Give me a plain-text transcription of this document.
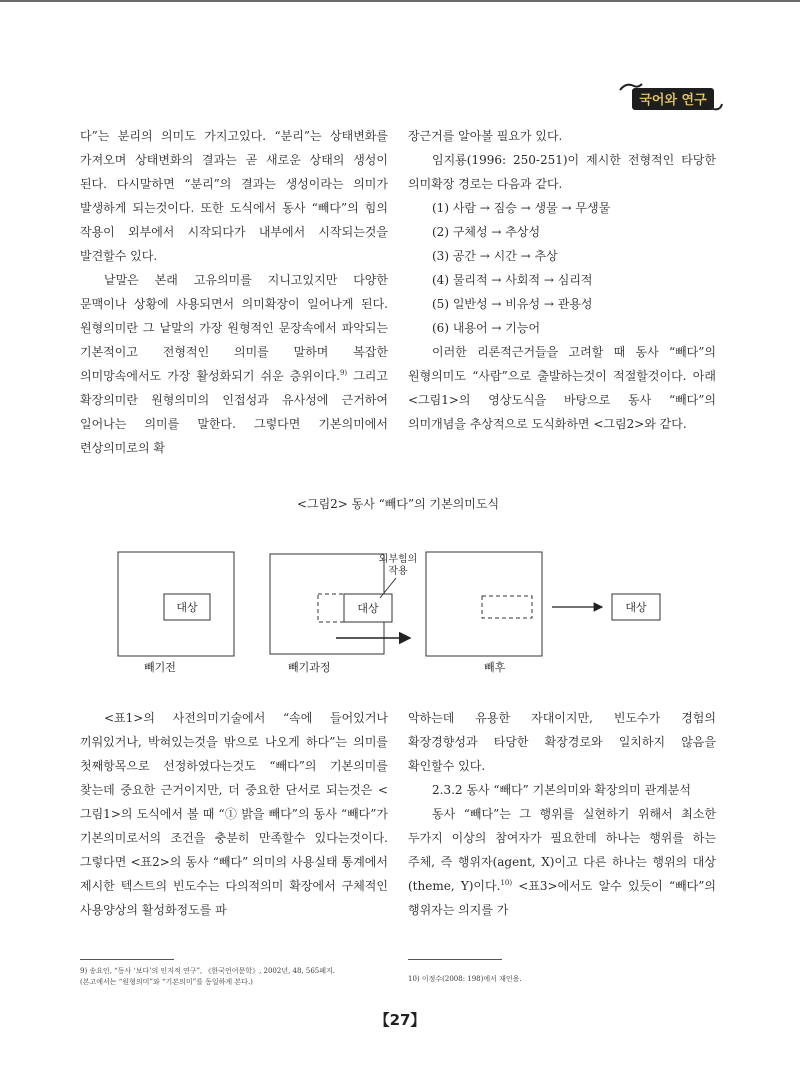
국어와 연구

다”는 분리의 의미도 가지고있다. “분리”는 상태변화를 가져오며 상태변화의 결과는 곧 새로운 상태의 생성이 된다. 다시말하면 “분리”의 결과는 생성이라는 의미가 발생하게 되는것이다. 또한 도식에서 동사 “빼다”의 힘의 작용이 외부에서 시작되다가 내부에서 시작되는것을 발견할수 있다.

낱말은 본래 고유의미를 지니고있지만 다양한 문맥이나 상황에 사용되면서 의미확장이 일어나게 된다. 원형의미란 그 낱말의 가장 원형적인 문장속에서 파악되는 기본적이고 전형적인 의미를 말하며 복잡한 의미망속에서도 가장 활성화되기 쉬운 층위이다.$^{9)}$ 그리고 확장의미란 원형의미의 인접성과 유사성에 근거하여 일어나는 의미를 말한다. 그렇다면 기본의미에서 련상의미로의 확

장근거를 알아볼 필요가 있다.

임지룡(1996: 250-251)이 제시한 전형적인 타당한 의미확장 경로는 다음과 같다.

(1) 사람 → 짐승 → 생물 → 무생물

(2) 구체성 → 추상성

(3) 공간 → 시간 → 추상

(4) 물리적 → 사회적 → 심리적

(5) 일반성 → 비유성 → 관용성

(6) 내용어 → 기능어

이러한 리론적근거들을 고려할 때 동사 “빼다”의 원형의미도 “사람”으로 출발하는것이 적절할것이다. 아래 <그림1>의 영상도식을 바탕으로 동사 “빼다”의 의미개념을 추상적으로 도식화하면 <그림2>와 같다.

<그림2> 동사 “빼다”의 기본의미도식
대상
빼기전
대상
외부힘의
작용
빼기과정
대상
빼후

<표1>의 사전의미기술에서 “속에 들어있거나 끼워있거나, 박혀있는것을 밖으로 나오게 하다”는 의미를 첫째항목으로 선정하였다는것도 “빼다”의 기본의미를 찾는데 중요한 근거이지만, 더 중요한 단서로 되는것은 <그림1>의 도식에서 볼 때 “① 밝을 빼다”의 동사 “빼다”가 기본의미로서의 조건을 충분히 만족할수 있다는것이다. 그렇다면 <표2>의 동사 “빼다” 의미의 사용실태 통계에서 제시한 텍스트의 빈도수는 다의적의미 확장에서 구체적인 사용양상의 활성화정도를 파

악하는데 유용한 자대이지만, 빈도수가 경험의 확장경향성과 타당한 확장경로와 일치하지 않음을 확인할수 있다.

2.3.2 동사 “빼다” 기본의미와 확장의미 관계분석

동사 “빼다”는 그 행위를 실현하기 위해서 최소한 두가지 이상의 참여자가 필요한데 하나는 행위를 하는 주체, 즉 행위자(agent, X)이고 다른 하나는 행위의 대상(theme, Y)이다.$^{10)}$ <표3>에서도 알수 있듯이 “빼다”의 행위자는 의지를 가

9) 송요인, “동사 ‘보다’의 인지적 연구”, 《한국언어문학》, 2002년, 48, 565페지.
(본고에서는 “원형의미”와 “기본의미”를 동일하게 본다.)	10) 이정수(2008: 198)에서 재인용.
【27】
